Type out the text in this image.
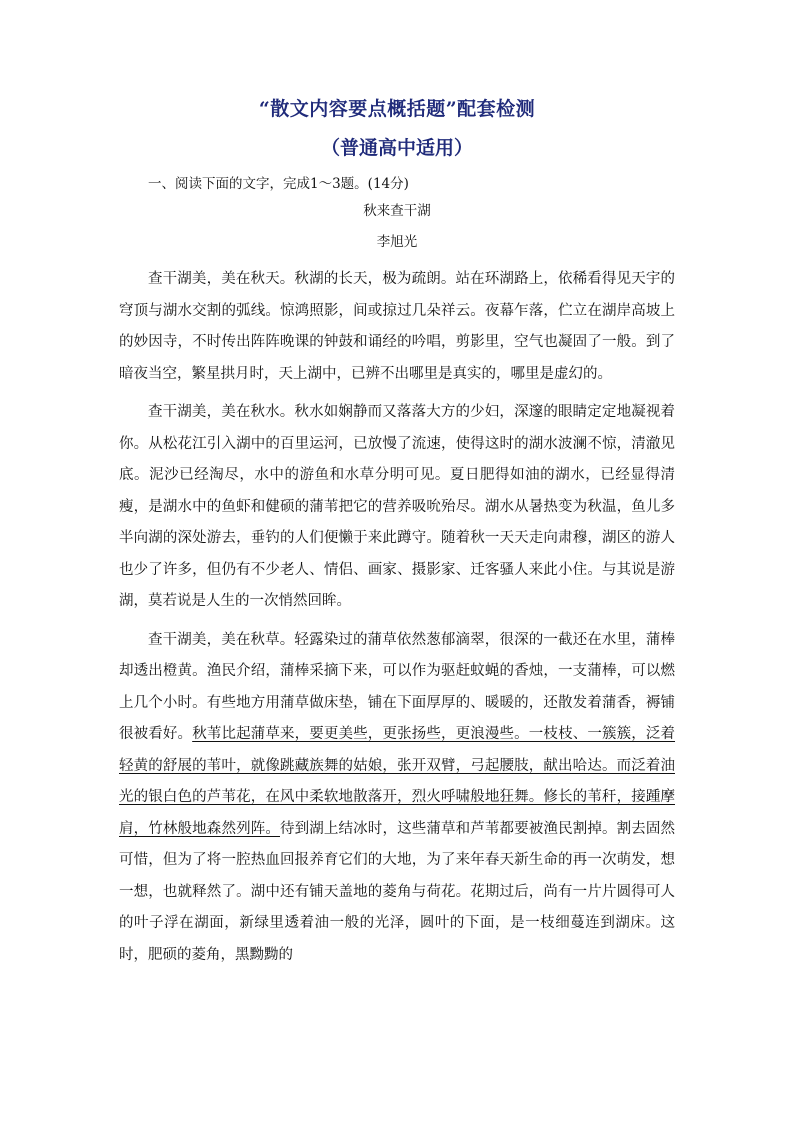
“散文内容要点概括题”配套检测
（普通高中适用）
一、阅读下面的文字，完成1～3题。(14分)
秋来查干湖
李旭光
查干湖美，美在秋天。秋湖的长天，极为疏朗。站在环湖路上，依稀看得见天宇的穹顶与湖水交割的弧线。惊鸿照影，间或掠过几朵祥云。夜幕乍落，伫立在湖岸高坡上的妙因寺，不时传出阵阵晚课的钟鼓和诵经的吟唱，剪影里，空气也凝固了一般。到了暗夜当空，繁星拱月时，天上湖中，已辨不出哪里是真实的，哪里是虚幻的。
查干湖美，美在秋水。秋水如娴静而又落落大方的少妇，深邃的眼睛定定地凝视着你。从松花江引入湖中的百里运河，已放慢了流速，使得这时的湖水波澜不惊，清澈见底。泥沙已经淘尽，水中的游鱼和水草分明可见。夏日肥得如油的湖水，已经显得清瘦，是湖水中的鱼虾和健硕的蒲苇把它的营养吸吮殆尽。湖水从暑热变为秋温，鱼儿多半向湖的深处游去，垂钓的人们便懒于来此蹲守。随着秋一天天走向肃穆，湖区的游人也少了许多，但仍有不少老人、情侣、画家、摄影家、迁客骚人来此小住。与其说是游湖，莫若说是人生的一次悄然回眸。
查干湖美，美在秋草。轻露染过的蒲草依然葱郁滴翠，很深的一截还在水里，蒲棒却透出橙黄。渔民介绍，蒲棒采摘下来，可以作为驱赶蚊蝇的香烛，一支蒲棒，可以燃上几个小时。有些地方用蒲草做床垫，铺在下面厚厚的、暖暖的，还散发着蒲香，褥铺很被看好。秋苇比起蒲草来，要更美些，更张扬些，更浪漫些。一枝枝、一簇簇，泛着轻黄的舒展的苇叶，就像跳藏族舞的姑娘，张开双臂，弓起腰肢，献出哈达。而泛着油光的银白色的芦苇花，在风中柔软地散落开，烈火呼啸般地狂舞。修长的苇秆，接踵摩肩，竹林般地森然列阵。待到湖上结冰时，这些蒲草和芦苇都要被渔民割掉。割去固然可惜，但为了将一腔热血回报养育它们的大地，为了来年春天新生命的再一次萌发，想一想，也就释然了。湖中还有铺天盖地的菱角与荷花。花期过后，尚有一片片圆得可人的叶子浮在湖面，新绿里透着油一般的光泽，圆叶的下面，是一枝细蔓连到湖床。这时，肥硕的菱角，黑黝黝的
